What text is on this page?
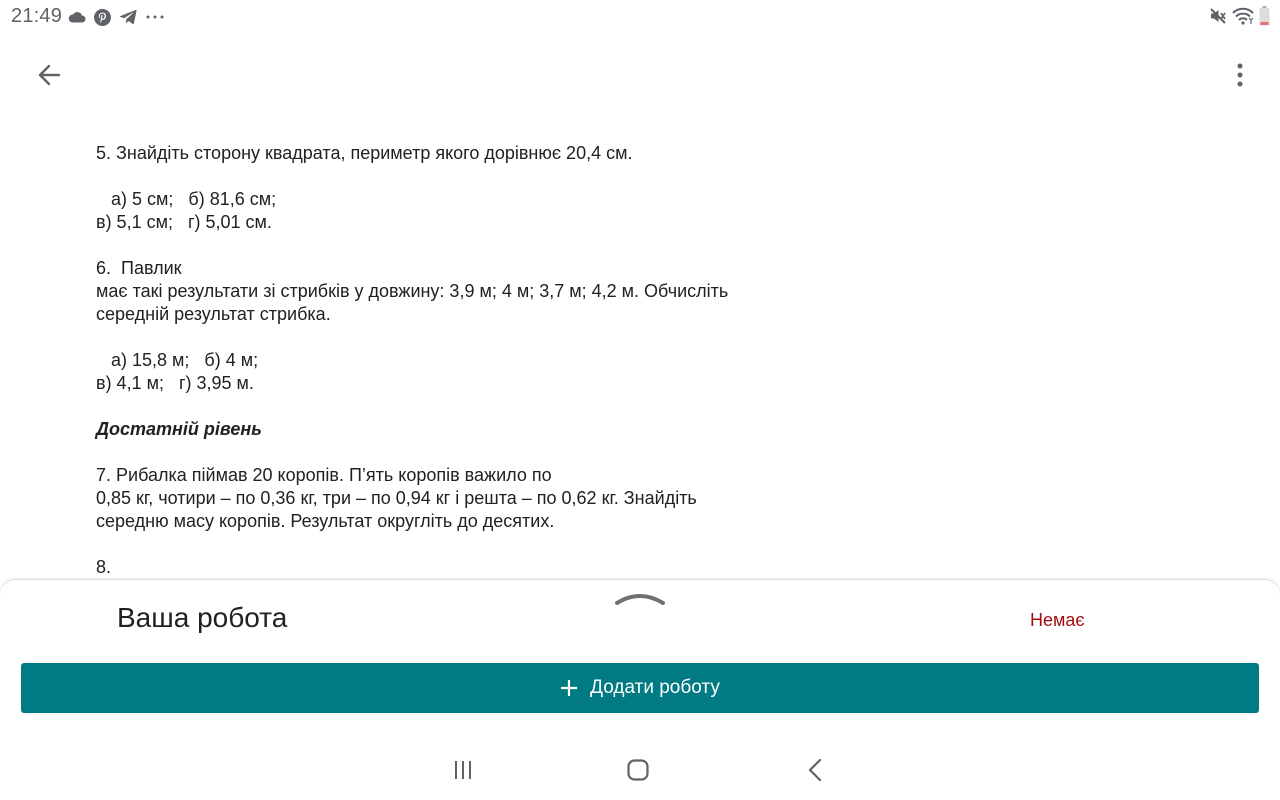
21:49
5. Знайдіть сторону квадрата, периметр якого дорівнює 20,4 см.
а) 5 см;   б) 81,6 см;
в) 5,1 см;   г) 5,01 см.
6.  Павлик
має такі результати зі стрибків у довжину: 3,9 м; 4 м; 3,7 м; 4,2 м. Обчисліть
середній результат стрибка.
а) 15,8 м;   б) 4 м;
в) 4,1 м;   г) 3,95 м.
Достатній рівень
7. Рибалка піймав 20 коропів. П’ять коропів важило по
0,85 кг, чотири – по 0,36 кг, три – по 0,94 кг і решта – по 0,62 кг. Знайдіть
середню масу коропів. Результат округліть до десятих.
8.
Ваша робота	Немає
Додати роботу
